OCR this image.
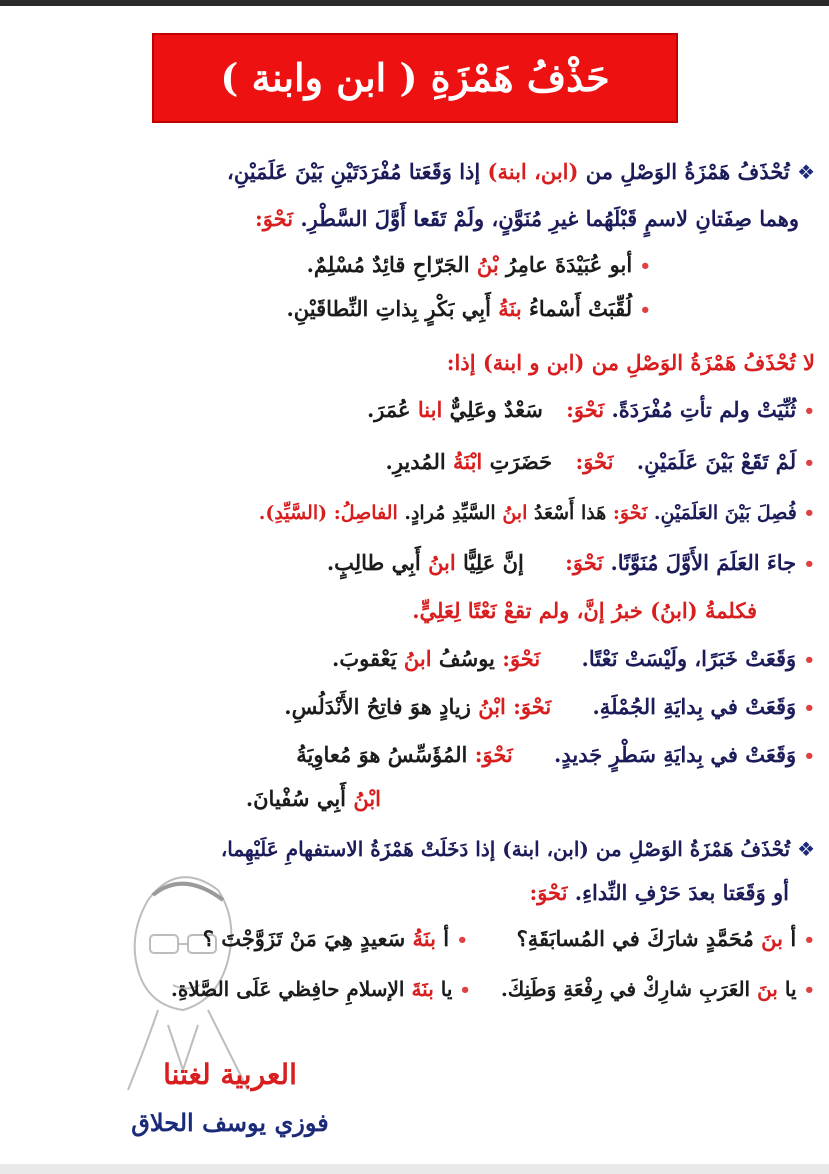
حَذْفُ هَمْزَةِ ( ابن وابنة )
❖ تُحْذَفُ هَمْزَةُ الوَصْلِ من (ابن، ابنة) إذا وَقَعَتا مُفْرَدَتَيْنِ بَيْنَ عَلَمَيْنِ،
وهما صِفَتانِ لاسمٍ قَبْلَهُما غيرِ مُنَوَّنٍ، ولَمْ تَقَعا أَوَّلَ السَّطْرِ. نَحْوَ:
• أبو عُبَيْدَةَ عامِرُ بْنُ الجَرّاحِ قائِدٌ مُسْلِمٌ.
• لُقِّبَتْ أَسْماءُ بنَةُ أَبِي بَكْرٍ بِذاتِ النِّطاقَيْنِ.
لا تُحْذَفُ هَمْزَةُ الوَصْلِ من (ابن و ابنة) إذا:
• ثُنِّيَتْ ولم تأتِ مُفْرَدَةً. نَحْوَ: سَعْدٌ وعَلِيٌّ ابنا عُمَرَ.
• لَمْ تَقَعْ بَيْنَ عَلَمَيْنِ. نَحْوَ: حَضَرَتِ ابْنَةُ المُديرِ.
• فُصِلَ بَيْنَ العَلَمَيْنِ. نَحْوَ: هَذا أَسْعَدُ ابنُ السَّيِّدِ مُرادٍ. الفاصِلُ: (السَّيِّدِ).
• جاءَ العَلَمَ الأَوَّلَ مُنَوَّنًا. نَحْوَ: إنَّ عَلِيًّا ابنُ أَبِي طالِبٍ.
فكلمةُ (ابنُ) خبرُ إنَّ، ولم تقعْ نَعْتًا لِعَلِيٍّ.
• وَقَعَتْ خَبَرًا، ولَيْسَتْ نَعْتًا. نَحْوَ: يوسُفُ ابنُ يَعْقوبَ.
• وَقَعَتْ في بِدايَةِ الجُمْلَةِ. نَحْوَ: ابْنُ زيادٍ هوَ فاتِحُ الأَنْدَلُسِ.
• وَقَعَتْ في بِدايَةِ سَطْرٍ جَديدٍ. نَحْوَ: المُؤَسِّسُ هوَ مُعاوِيَةُ
ابْنُ أَبِي سُفْيانَ.
❖ تُحْذَفُ هَمْزَةُ الوَصْلِ من (ابن، ابنة) إذا دَخَلَتْ هَمْزَةُ الاستفهامِ عَلَيْهِما،
أو وَقَعَتا بعدَ حَرْفِ النِّداءِ. نَحْوَ:
• أ بنَ مُحَمَّدٍ شارَكَ في المُسابَقَةِ؟  • أ بنَةُ سَعيدٍ هِيَ مَنْ تَزَوَّجْتَ ؟
• يا بنَ العَرَبِ شارِكْ في رِفْعَةِ وَطَنِكَ.  • يا بنَةَ الإسلامِ حافِظي عَلَى الصَّلاةِ.
العربية لغتنا
فوزي يوسف الحلاق
